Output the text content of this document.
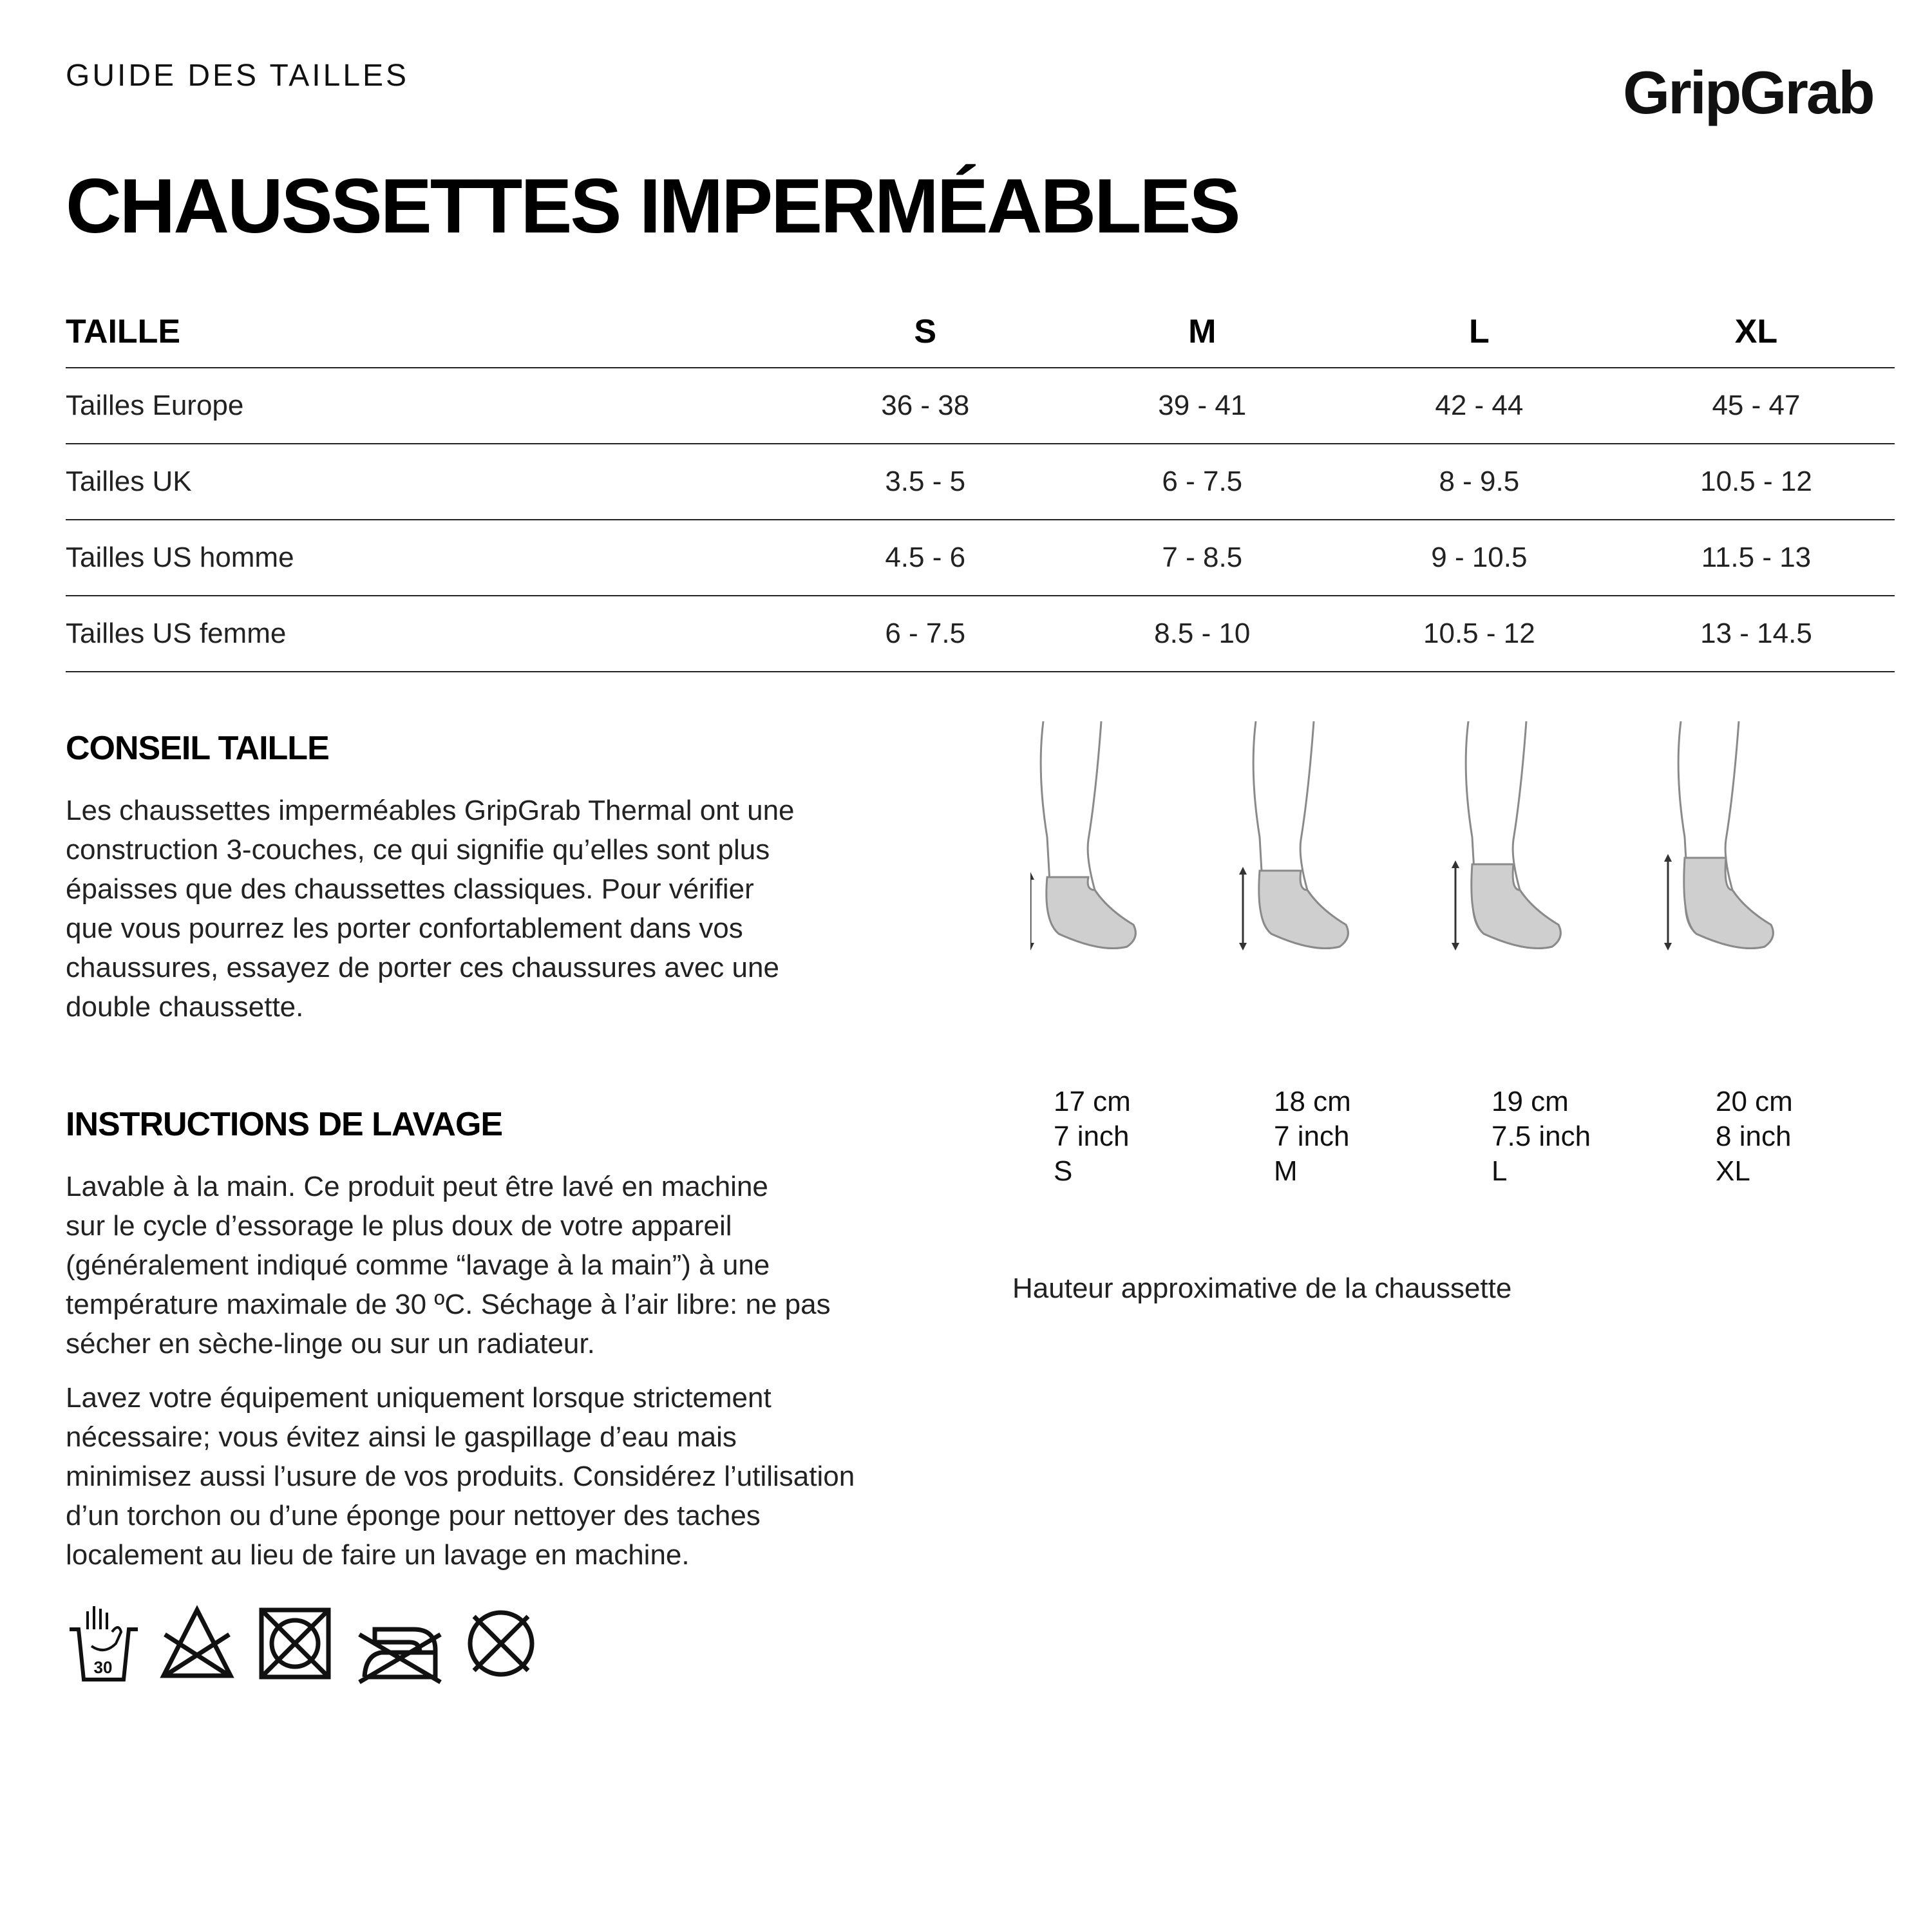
GUIDE DES TAILLES	GripGrab
CHAUSSETTES IMPERMÉABLES
TAILLE	S	M	L	XL
Tailles Europe	36 - 38	39 - 41	42 - 44	45 - 47
Tailles UK	3.5 - 5	6 - 7.5	8 - 9.5	10.5 - 12
Tailles US homme	4.5 - 6	7 - 8.5	9 - 10.5	11.5 - 13
Tailles US femme	6 - 7.5	8.5 - 10	10.5 - 12	13 - 14.5
CONSEIL TAILLE
Les chaussettes imperméables GripGrab Thermal ont une
construction 3-couches, ce qui signifie qu’elles sont plus
épaisses que des chaussettes classiques. Pour vérifier
que vous pourrez les porter confortablement dans vos
chaussures, essayez de porter ces chaussures avec une
double chaussette.
INSTRUCTIONS DE LAVAGE
Lavable à la main. Ce produit peut être lavé en machine
sur le cycle d’essorage le plus doux de votre appareil
(généralement indiqué comme “lavage à la main”) à une
température maximale de 30 ºC. Séchage à l’air libre: ne pas
sécher en sèche-linge ou sur un radiateur.
Lavez votre équipement uniquement lorsque strictement
nécessaire; vous évitez ainsi le gaspillage d’eau mais
minimisez aussi l’usure de vos produits. Considérez l’utilisation
d’un torchon ou d’une éponge pour nettoyer des taches
localement au lieu de faire un lavage en machine.
30
17 cm
7 inch
S
18 cm
7 inch
M
19 cm
7.5 inch
L
20 cm
8 inch
XL
Hauteur approximative de la chaussette
